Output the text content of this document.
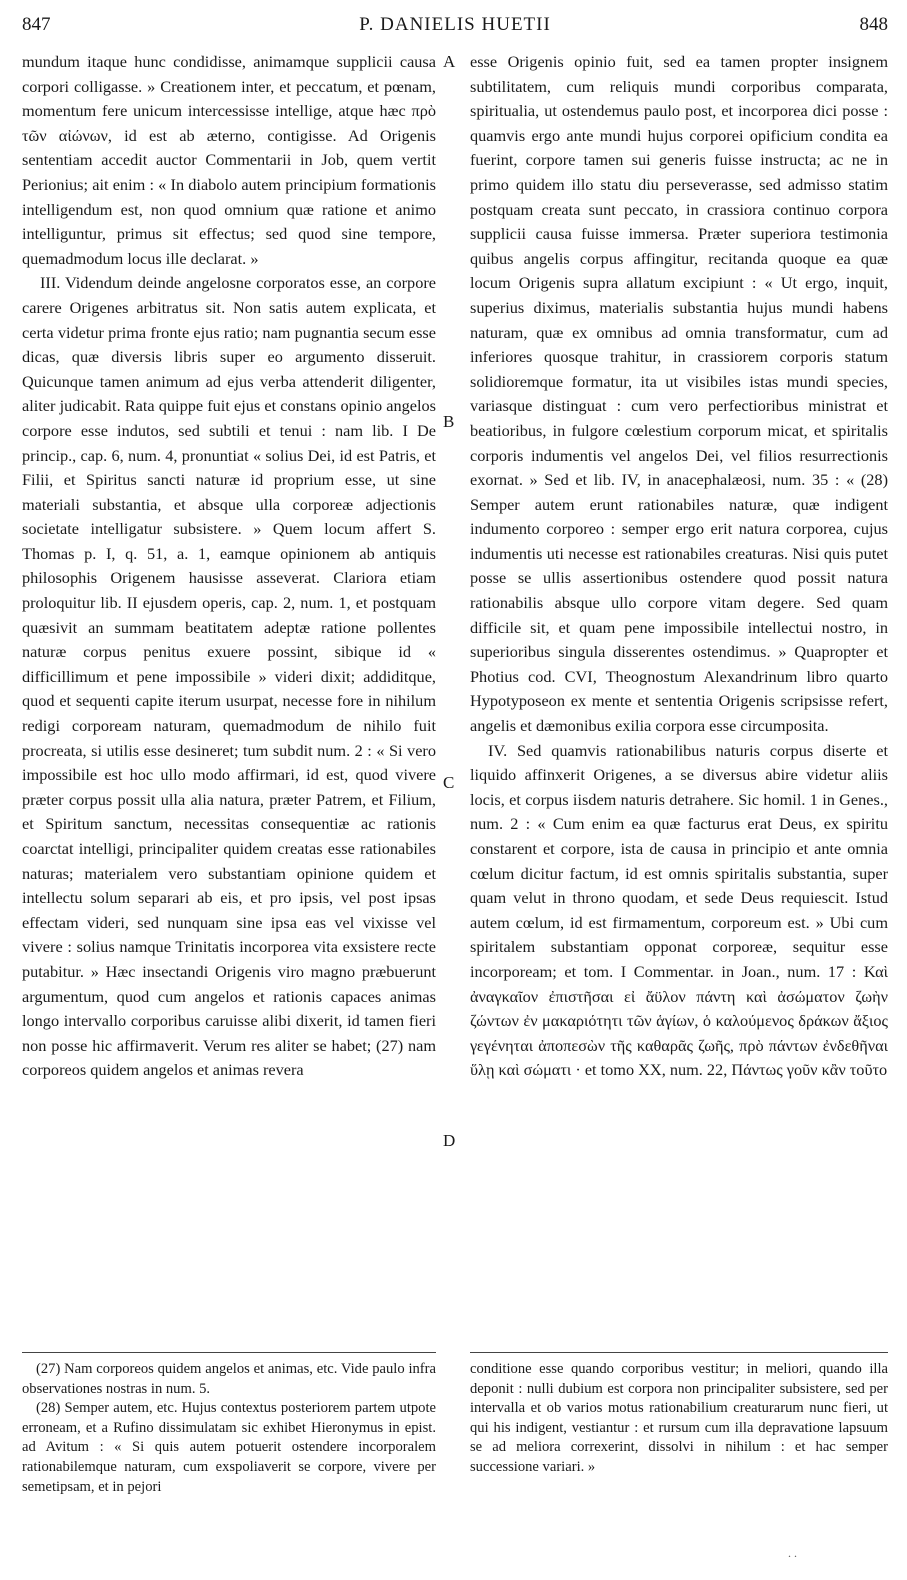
847	P. DANIELIS HUETII	848

mundum itaque hunc condidisse, animamque supplicii causa corpori colligasse. » Creationem inter, et peccatum, et pœnam, momentum fere unicum intercessisse intellige, atque hæc πρὸ τῶν αἰώνων, id est ab æterno, contigisse. Ad Origenis sententiam accedit auctor Commentarii in Job, quem vertit Perionius; ait enim : « In diabolo autem principium formationis intelligendum est, non quod omnium quæ ratione et animo intelliguntur, primus sit effectus; sed quod sine tempore, quemadmodum locus ille declarat. »

III. Videndum deinde angelosne corporatos esse, an corpore carere Origenes arbitratus sit. Non satis autem explicata, et certa videtur prima fronte ejus ratio; nam pugnantia secum esse dicas, quæ diversis libris super eo argumento disseruit. Quicunque tamen animum ad ejus verba attenderit diligenter, aliter judicabit. Rata quippe fuit ejus et constans opinio angelos corpore esse indutos, sed subtili et tenui : nam lib. I De princip., cap. 6, num. 4, pronuntiat « solius Dei, id est Patris, et Filii, et Spiritus sancti naturæ id proprium esse, ut sine materiali substantia, et absque ulla corporeæ adjectionis societate intelligatur subsistere. » Quem locum affert S. Thomas p. I, q. 51, a. 1, eamque opinionem ab antiquis philosophis Origenem hausisse asseverat. Clariora etiam proloquitur lib. II ejusdem operis, cap. 2, num. 1, et postquam quæsivit an summam beatitatem adeptæ ratione pollentes naturæ corpus penitus exuere possint, sibique id « difficillimum et pene impossibile » videri dixit; addiditque, quod et sequenti capite iterum usurpat, necesse fore in nihilum redigi corpoream naturam, quemadmodum de nihilo fuit procreata, si utilis esse desineret; tum subdit num. 2 : « Si vero impossibile est hoc ullo modo affirmari, id est, quod vivere præter corpus possit ulla alia natura, præter Patrem, et Filium, et Spiritum sanctum, necessitas consequentiæ ac rationis coarctat intelligi, principaliter quidem creatas esse rationabiles naturas; materialem vero substantiam opinione quidem et intellectu solum separari ab eis, et pro ipsis, vel post ipsas effectam videri, sed nunquam sine ipsa eas vel vixisse vel vivere : solius namque Trinitatis incorporea vita exsistere recte putabitur. » Hæc insectandi Origenis viro magno præbuerunt argumentum, quod cum angelos et rationis capaces animas longo intervallo corporibus caruisse alibi dixerit, id tamen fieri non posse hic affirmaverit. Verum res aliter se habet; (27) nam corporeos quidem angelos et animas revera

A
B
C
D

esse Origenis opinio fuit, sed ea tamen propter insignem subtilitatem, cum reliquis mundi corporibus comparata, spiritualia, ut ostendemus paulo post, et incorporea dici posse : quamvis ergo ante mundi hujus corporei opificium condita ea fuerint, corpore tamen sui generis fuisse instructa; ac ne in primo quidem illo statu diu perseverasse, sed admisso statim postquam creata sunt peccato, in crassiora continuo corpora supplicii causa fuisse immersa. Præter superiora testimonia quibus angelis corpus affingitur, recitanda quoque ea quæ locum Origenis supra allatum excipiunt : « Ut ergo, inquit, superius diximus, materialis substantia hujus mundi habens naturam, quæ ex omnibus ad omnia transformatur, cum ad inferiores quosque trahitur, in crassiorem corporis statum solidioremque formatur, ita ut visibiles istas mundi species, variasque distinguat : cum vero perfectioribus ministrat et beatioribus, in fulgore cœlestium corporum micat, et spiritalis corporis indumentis vel angelos Dei, vel filios resurrectionis exornat. » Sed et lib. IV, in anacephalæosi, num. 35 : « (28) Semper autem erunt rationabiles naturæ, quæ indigent indumento corporeo : semper ergo erit natura corporea, cujus indumentis uti necesse est rationabiles creaturas. Nisi quis putet posse se ullis assertionibus ostendere quod possit natura rationabilis absque ullo corpore vitam degere. Sed quam difficile sit, et quam pene impossibile intellectui nostro, in superioribus singula disserentes ostendimus. » Quapropter et Photius cod. CVI, Theognostum Alexandrinum libro quarto Hypotyposeon ex mente et sententia Origenis scripsisse refert, angelis et dæmonibus exilia corpora esse circumposita.

IV. Sed quamvis rationabilibus naturis corpus diserte et liquido affinxerit Origenes, a se diversus abire videtur aliis locis, et corpus iisdem naturis detrahere. Sic homil. 1 in Genes., num. 2 : « Cum enim ea quæ facturus erat Deus, ex spiritu constarent et corpore, ista de causa in principio et ante omnia cœlum dicitur factum, id est omnis spiritalis substantia, super quam velut in throno quodam, et sede Deus requiescit. Istud autem cœlum, id est firmamentum, corporeum est. » Ubi cum spiritalem substantiam opponat corporeæ, sequitur esse incorpoream; et tom. I Commentar. in Joan., num. 17 : Καὶ ἀναγκαῖον ἐπιστῆσαι εἰ ἄϋλον πάντη καὶ ἀσώματον ζωὴν ζώντων ἐν μακαριότητι τῶν ἁγίων, ὁ καλούμενος δράκων ἄξιος γεγένηται ἀποπεσὼν τῆς καθαρᾶς ζωῆς, πρὸ πάντων ἐνδεθῆναι ὕλῃ καὶ σώματι · et tomo XX, num. 22, Πάντως γοῦν κἂν τοῦτο

(27) Nam corporeos quidem angelos et animas, etc. Vide paulo infra observationes nostras in num. 5.

(28) Semper autem, etc. Hujus contextus posteriorem partem utpote erroneam, et a Rufino dissimulatam sic exhibet Hieronymus in epist. ad Avitum : « Si quis autem potuerit ostendere incorporalem rationabilemque naturam, cum exspoliaverit se corpore, vivere per semetipsam, et in pejori

conditione esse quando corporibus vestitur; in meliori, quando illa deponit : nulli dubium est corpora non principaliter subsistere, sed per intervalla et ob varios motus rationabilium creaturarum nunc fieri, ut qui his indigent, vestiantur : et rursum cum illa depravatione lapsuum se ad meliora correxerint, dissolvi in nihilum : et hac semper successione variari. »

. .
